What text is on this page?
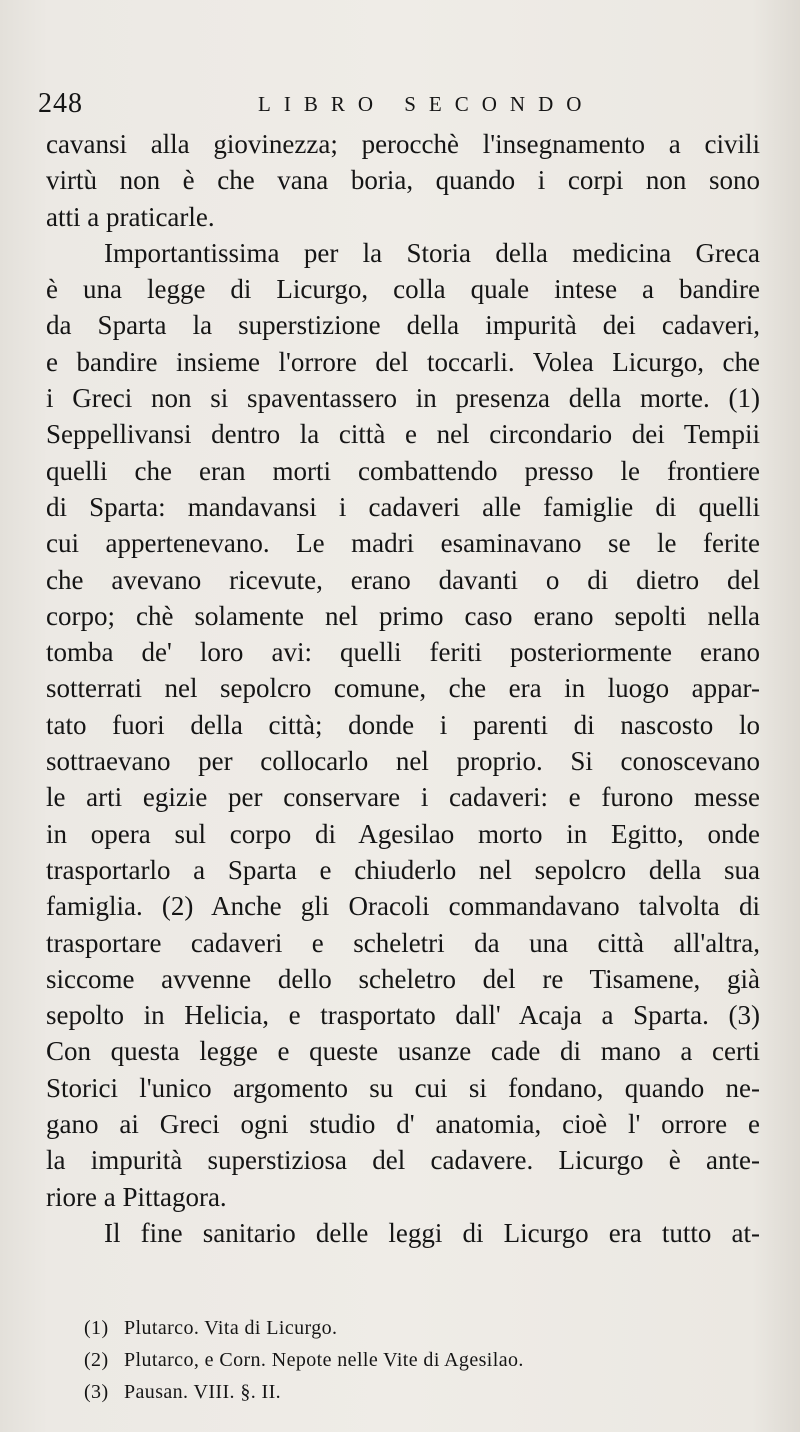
248	LIBRO SECONDO
cavansi alla giovinezza; perocchè l'insegnamento a civili
virtù non è che vana boria, quando i corpi non sono
atti a praticarle.
Importantissima per la Storia della medicina Greca
è una legge di Licurgo, colla quale intese a bandire
da Sparta la superstizione della impurità dei cadaveri,
e bandire insieme l'orrore del toccarli. Volea Licurgo, che
i Greci non si spaventassero in presenza della morte. (1)
Seppellivansi dentro la città e nel circondario dei Tempii
quelli che eran morti combattendo presso le frontiere
di Sparta: mandavansi i cadaveri alle famiglie di quelli
cui appertenevano. Le madri esaminavano se le ferite
che avevano ricevute, erano davanti o di dietro del
corpo; chè solamente nel primo caso erano sepolti nella
tomba de' loro avi: quelli feriti posteriormente erano
sotterrati nel sepolcro comune, che era in luogo appar-
tato fuori della città; donde i parenti di nascosto lo
sottraevano per collocarlo nel proprio. Si conoscevano
le arti egizie per conservare i cadaveri: e furono messe
in opera sul corpo di Agesilao morto in Egitto, onde
trasportarlo a Sparta e chiuderlo nel sepolcro della sua
famiglia. (2) Anche gli Oracoli commandavano talvolta di
trasportare cadaveri e scheletri da una città all'altra,
siccome avvenne dello scheletro del re Tisamene, già
sepolto in Helicia, e trasportato dall' Acaja a Sparta. (3)
Con questa legge e queste usanze cade di mano a certi
Storici l'unico argomento su cui si fondano, quando ne-
gano ai Greci ogni studio d' anatomia, cioè l' orrore e
la impurità superstiziosa del cadavere. Licurgo è ante-
riore a Pittagora.
Il fine sanitario delle leggi di Licurgo era tutto at-
(1) Plutarco. Vita di Licurgo.
(2) Plutarco, e Corn. Nepote nelle Vite di Agesilao.
(3) Pausan. VIII. §. II.
